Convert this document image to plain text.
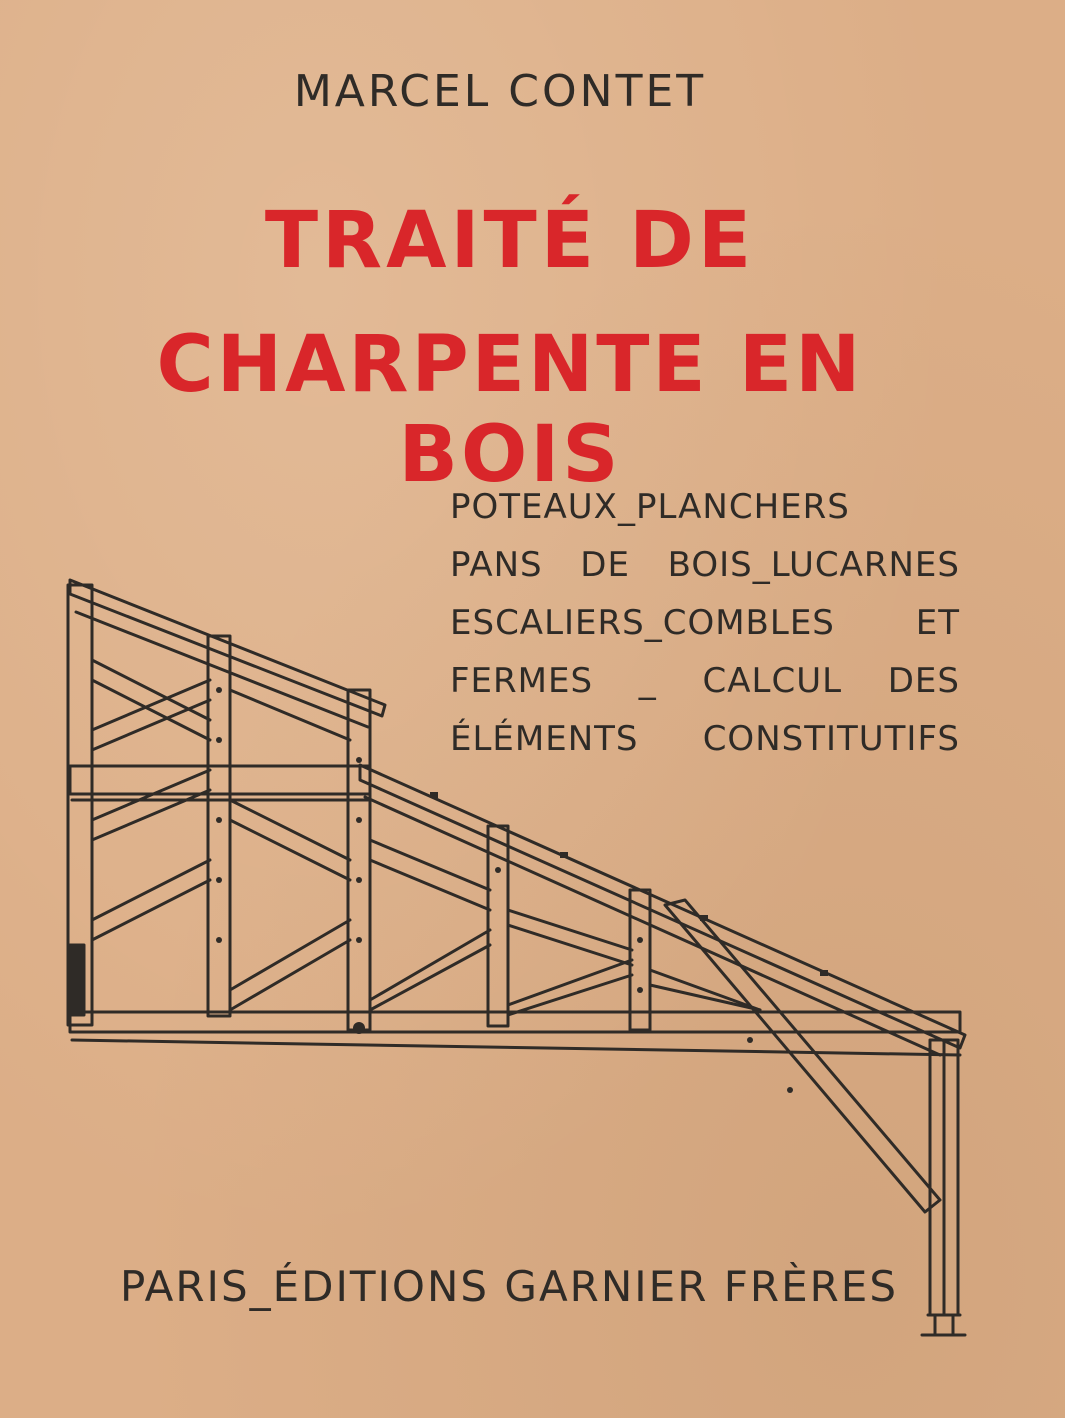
MARCEL CONTET
TRAITÉ DE
CHARPENTE EN BOIS
POTEAUX_PLANCHERS
PANS DE BOIS_LUCARNES
ESCALIERS_COMBLES ET
FERMES _ CALCUL DES
ÉLÉMENTS CONSTITUTIFS
PARIS_ÉDITIONS GARNIER FRÈRES
